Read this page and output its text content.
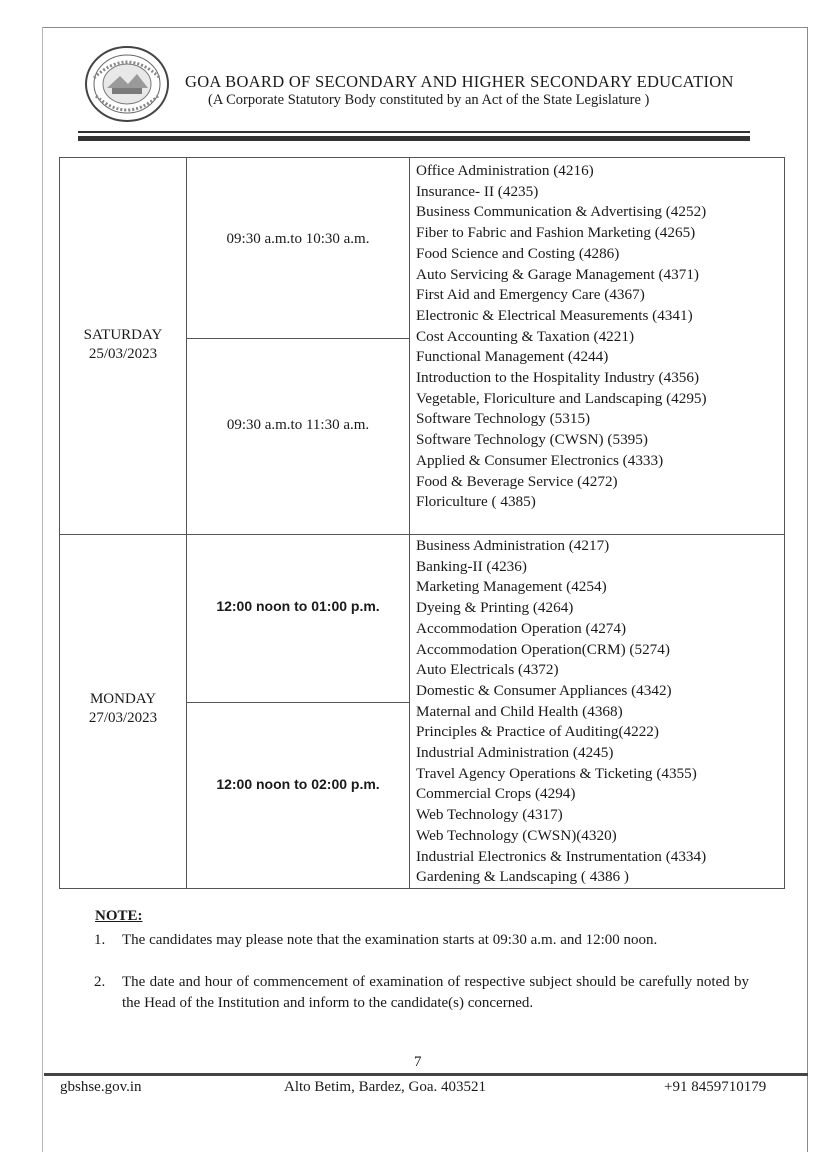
GOA BOARD OF SECONDARY AND HIGHER SECONDARY EDUCATION
(A Corporate Statutory Body constituted by an Act of the State Legislature )
SATURDAY
25/03/2023
09:30 a.m.to 10:30 a.m.
09:30 a.m.to 11:30 a.m.
Office Administration (4216)
Insurance- II (4235)
Business Communication & Advertising (4252)
Fiber to Fabric and Fashion Marketing (4265)
Food Science and Costing (4286)
Auto Servicing & Garage Management (4371)
First Aid and Emergency Care (4367)
Electronic & Electrical Measurements (4341)
Cost Accounting & Taxation (4221)
Functional Management (4244)
Introduction to the Hospitality Industry (4356)
Vegetable, Floriculture and Landscaping (4295)
Software Technology (5315)
Software Technology (CWSN) (5395)
Applied & Consumer Electronics (4333)
Food & Beverage Service (4272)
Floriculture ( 4385)
MONDAY
27/03/2023
12:00 noon to 01:00 p.m.
12:00 noon to 02:00 p.m.
Business Administration (4217)
Banking-II (4236)
Marketing Management (4254)
Dyeing & Printing (4264)
Accommodation Operation (4274)
Accommodation Operation(CRM) (5274)
Auto Electricals (4372)
Domestic & Consumer Appliances (4342)
Maternal and Child Health (4368)
Principles & Practice of Auditing(4222)
Industrial Administration (4245)
Travel Agency Operations & Ticketing (4355)
Commercial Crops (4294)
Web Technology (4317)
Web Technology (CWSN)(4320)
Industrial Electronics & Instrumentation (4334)
Gardening & Landscaping ( 4386 )
NOTE:
1. The candidates may please note that the examination starts at 09:30 a.m. and 12:00 noon.
2. The date and hour of commencement of examination of respective subject should be carefully noted by the Head of the Institution and inform to the candidate(s) concerned.
7
gbshse.gov.in	Alto Betim, Bardez, Goa. 403521	+91 8459710179
